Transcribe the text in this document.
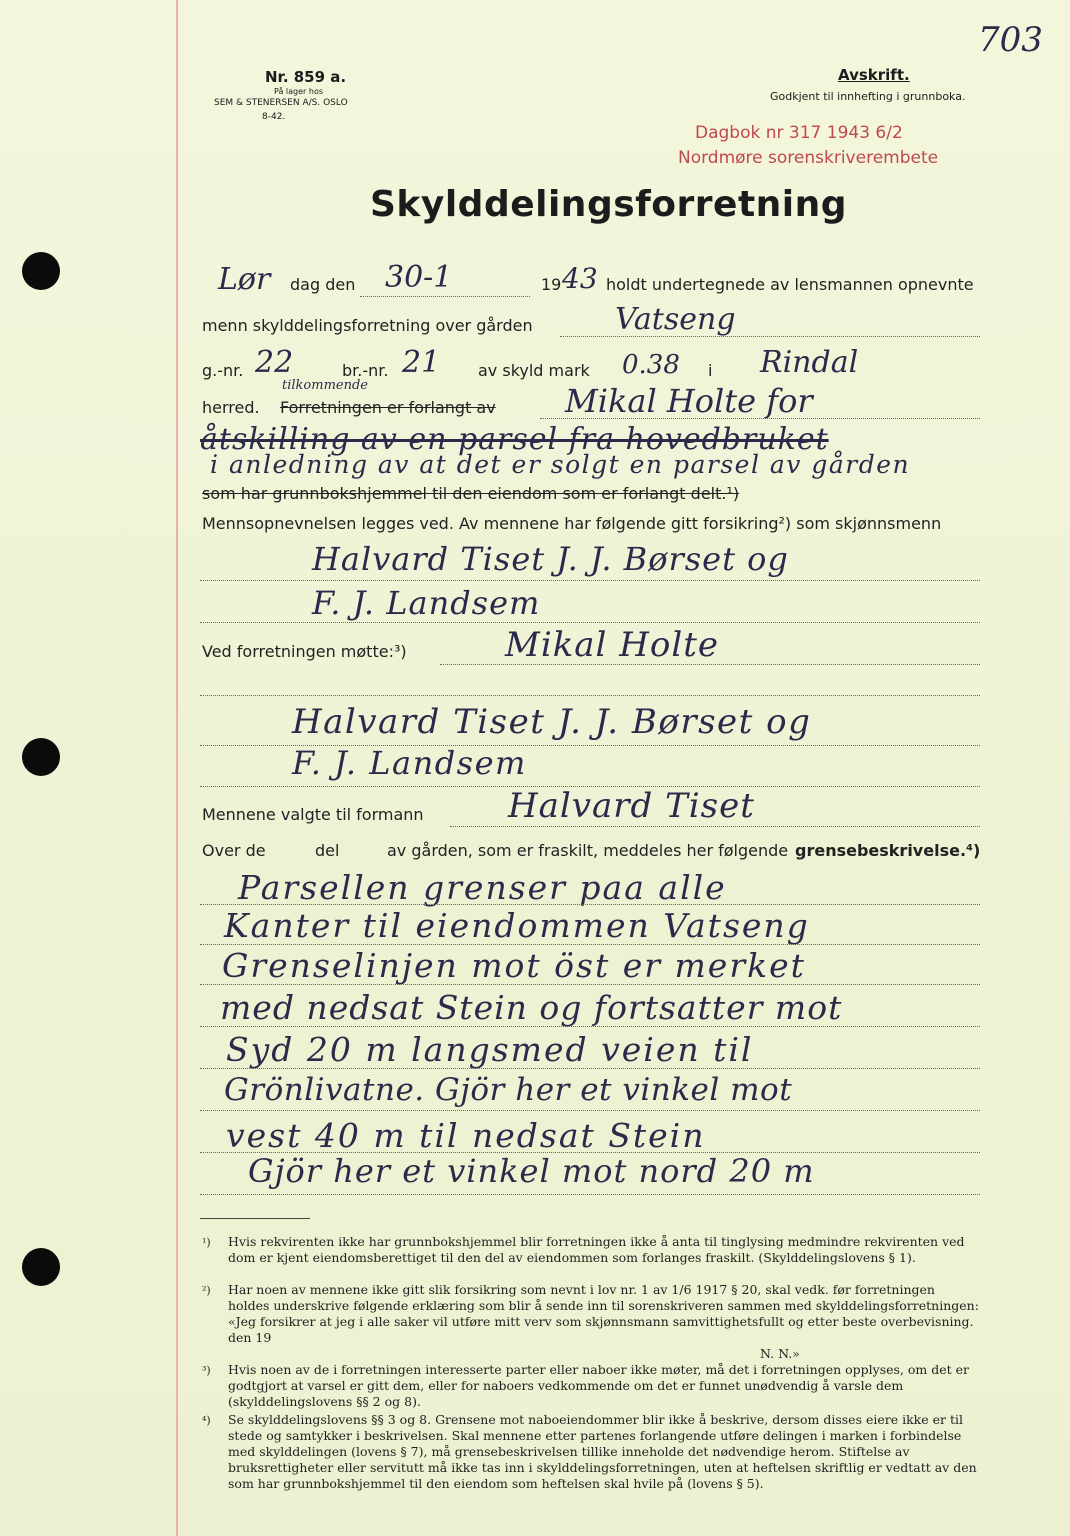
Nr. 859 a.
På lager hos
SEM & STENERSEN A/S. OSLO
8-42.
Avskrift.
Godkjent til innhefting i grunnboka.
703
Dagbok nr 317 1943 6/2
Nordmøre sorenskriverembete
Skylddelingsforretning
Lør dag den 30-1	19 43 holdt undertegnede av lensmannen opnevnte
menn skylddelingsforretning over gården	Vatseng
g.-nr. 22	br.-nr. 21 av skyld mark 0.38 i Rindal
tilkommende
herred. Forretningen er forlangt av Mikal Holte for
åtskilling av en parsel fra hovedbruket
i anledning av at det er solgt en parsel av gården
som har grunnbokshjemmel til den eiendom som er forlangt delt.¹)
Mennsopnevnelsen legges ved. Av mennene har følgende gitt forsikring²) som skjønnsmenn
Halvard Tiset J. J. Børset og
F. J. Landsem
Ved forretningen møtte:³)	Mikal Holte
Halvard Tiset J. J. Børset og
F. J. Landsem
Mennene valgte til formann Halvard Tiset
Over de	del	av gården, som er fraskilt, meddeles her følgende grensebeskrivelse.⁴)
Parsellen grenser paa alle
Kanter til eiendommen Vatseng
Grenselinjen mot öst er merket
med nedsat Stein og fortsatter mot
Syd 20 m langsmed veien til
Grönlivatne. Gjör her et vinkel mot
vest 40 m til nedsat Stein
Gjör her et vinkel mot nord 20 m
¹) Hvis rekvirenten ikke har grunnbokshjemmel blir forretningen ikke å anta til tinglysing medmindre rekvirenten ved dom er kjent eiendomsberettiget til den del av eiendommen som forlanges fraskilt. (Skylddelingslovens § 1).
²) Har noen av mennene ikke gitt slik forsikring som nevnt i lov nr. 1 av 1/6 1917 § 20, skal vedk. før forretningen holdes underskrive følgende erklæring som blir å sende inn til sorenskriveren sammen med skylddelingsforretningen: «Jeg forsikrer at jeg i alle saker vil utføre mitt verv som skjønnsmann samvittighetsfullt og etter beste overbevisning. den 19
N. N.»
³) Hvis noen av de i forretningen interesserte parter eller naboer ikke møter, må det i forretningen opplyses, om det er godtgjort at varsel er gitt dem, eller for naboers vedkommende om det er funnet unødvendig å varsle dem (skylddelingslovens §§ 2 og 8).
⁴) Se skylddelingslovens §§ 3 og 8. Grensene mot naboeiendommer blir ikke å beskrive, dersom disses eiere ikke er til stede og samtykker i beskrivelsen. Skal mennene etter partenes forlangende utføre delingen i marken i forbindelse med skylddelingen (lovens § 7), må grensebeskrivelsen tillike inneholde det nødvendige herom. Stiftelse av bruksrettigheter eller servitutt må ikke tas inn i skylddelingsforretningen, uten at heftelsen skriftlig er vedtatt av den som har grunnbokshjemmel til den eiendom som heftelsen skal hvile på (lovens § 5).
